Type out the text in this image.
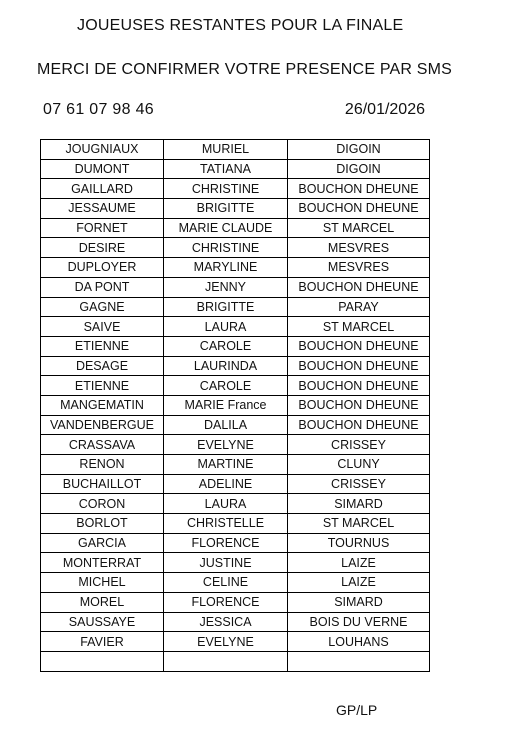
JOUEUSES RESTANTES POUR LA FINALE
MERCI DE CONFIRMER VOTRE PRESENCE PAR SMS
07 61 07 98 46	26/01/2026
JOUGNIAUX	MURIEL	DIGOIN
DUMONT	TATIANA	DIGOIN
GAILLARD	CHRISTINE	BOUCHON DHEUNE
JESSAUME	BRIGITTE	BOUCHON DHEUNE
FORNET	MARIE CLAUDE	ST MARCEL
DESIRE	CHRISTINE	MESVRES
DUPLOYER	MARYLINE	MESVRES
DA PONT	JENNY	BOUCHON DHEUNE
GAGNE	BRIGITTE	PARAY
SAIVE	LAURA	ST MARCEL
ETIENNE	CAROLE	BOUCHON DHEUNE
DESAGE	LAURINDA	BOUCHON DHEUNE
ETIENNE	CAROLE	BOUCHON DHEUNE
MANGEMATIN	MARIE France	BOUCHON DHEUNE
VANDENBERGUE	DALILA	BOUCHON DHEUNE
CRASSAVA	EVELYNE	CRISSEY
RENON	MARTINE	CLUNY
BUCHAILLOT	ADELINE	CRISSEY
CORON	LAURA	SIMARD
BORLOT	CHRISTELLE	ST MARCEL
GARCIA	FLORENCE	TOURNUS
MONTERRAT	JUSTINE	LAIZE
MICHEL	CELINE	LAIZE
MOREL	FLORENCE	SIMARD
SAUSSAYE	JESSICA	BOIS DU VERNE
FAVIER	EVELYNE	LOUHANS

GP/LP
